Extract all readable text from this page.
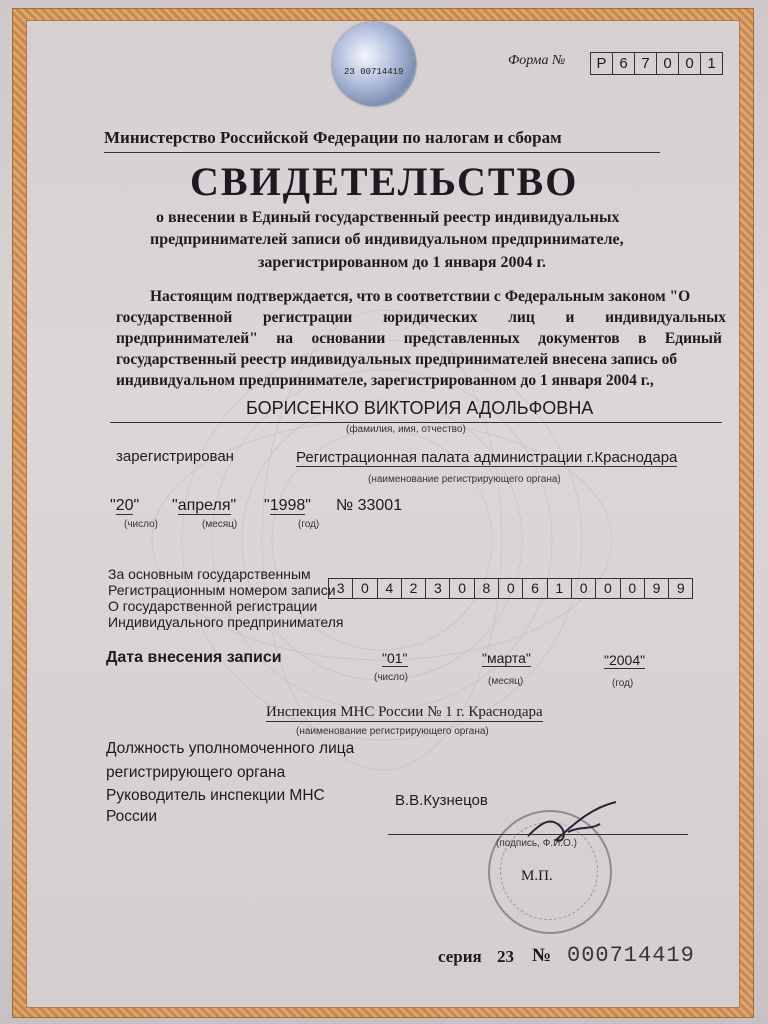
23 00714419
Форма №	Р 6 7 0 0 1
Министерство Российской Федерации по налогам и сборам
СВИДЕТЕЛЬСТВО
о внесении в Единый государственный реестр индивидуальных
предпринимателей записи об индивидуальном предпринимателе,
зарегистрированном до 1 января 2004 г.
Настоящим подтверждается, что в соответствии с Федеральным законом "О
государственной регистрации юридических лиц и индивидуальных
предпринимателей" на основании представленных документов в Единый
государственный реестр индивидуальных предпринимателей внесена запись об
индивидуальном предпринимателе, зарегистрированном до 1 января 2004 г.,
БОРИСЕНКО ВИКТОРИЯ АДОЛЬФОВНА
(фамилия, имя, отчество)
зарегистрирован	Регистрационная палата администрации г.Краснодара
(наименование регистрирующего органа)
"20" "апреля" "1998" № 33001
(число)	(месяц)	(год)
За основным государственным
Регистрационным номером записи
О государственной регистрации
Индивидуального предпринимателя
3	0	4	2	3	0	8	0	6	1	0	0	0	9	9
Дата внесения записи	"01"	"марта"	"2004"
(число)	(месяц)	(год)
Инспекция МНС России № 1 г. Краснодара
(наименование регистрирующего органа)
Должность уполномоченного лица
регистрирующего органа
Руководитель инспекции МНС
России
В.В.Кузнецов
(подпись, Ф.И.О.)
М.П.
серия 23 № 000714419
